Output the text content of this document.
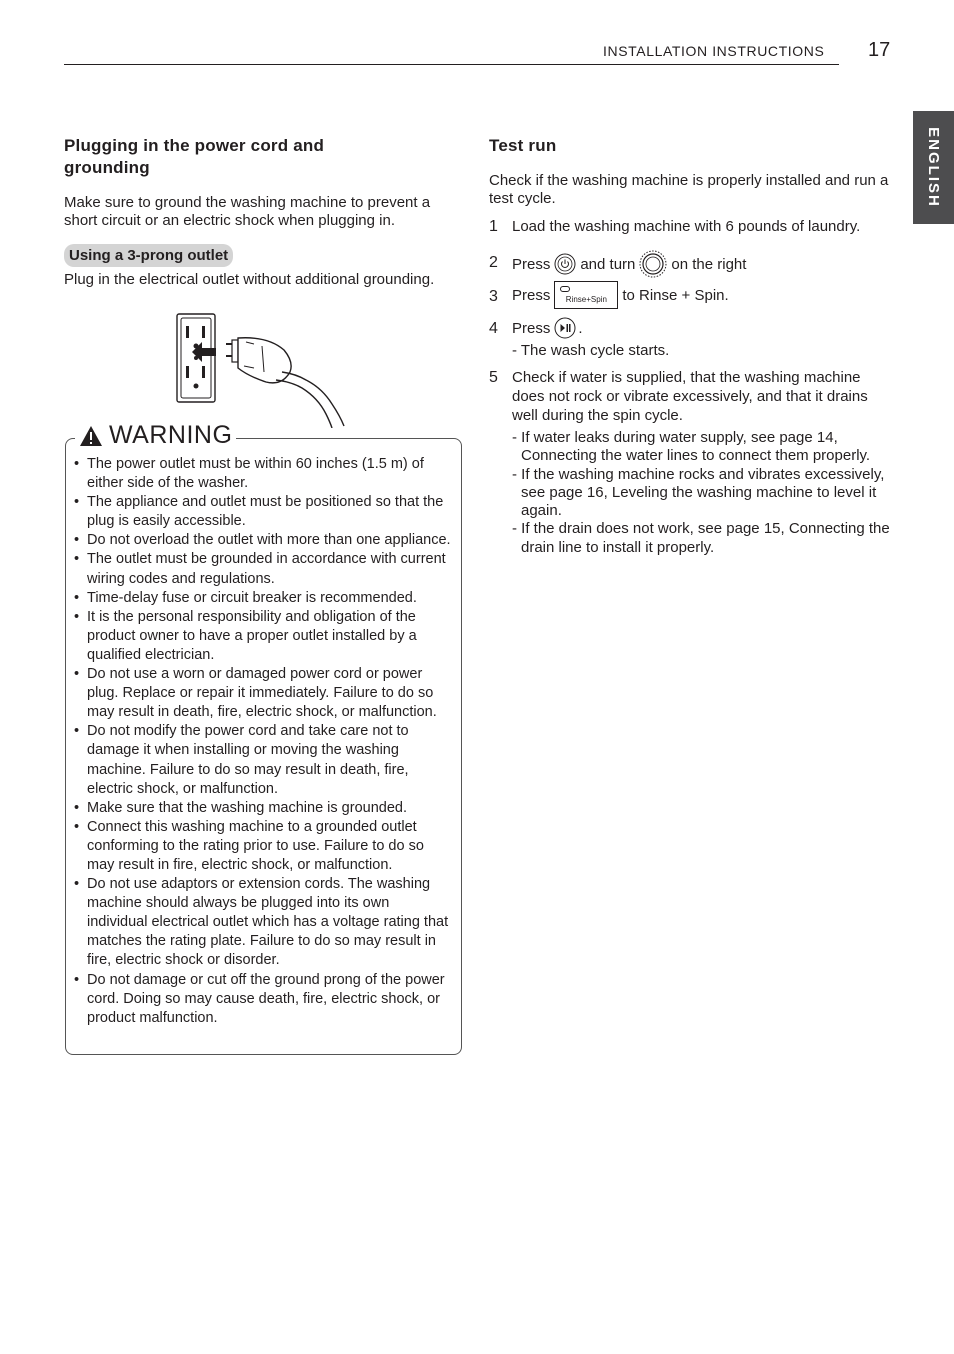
INSTALLATION INSTRUCTIONS 17
ENGLISH
Plugging in the power cord and grounding

Make sure to ground the washing machine to prevent a short circuit or an electric shock when plugging in.

Using a 3-prong outlet

Plug in the electrical outlet without additional grounding.

WARNING
• The power outlet must be within 60 inches (1.5 m) of either side of the washer.
• The appliance and outlet must be positioned so that the plug is easily accessible.
• Do not overload the outlet with more than one appliance.
• The outlet must be grounded in accordance with current wiring codes and regulations.
• Time-delay fuse or circuit breaker is recommended.
• It is the personal responsibility and obligation of the product owner to have a proper outlet installed by a qualified electrician.
• Do not use a worn or damaged power cord or power plug. Replace or repair it immediately. Failure to do so may result in death, fire, electric shock, or malfunction.
• Do not modify the power cord and take care not to damage it when installing or moving the washing machine. Failure to do so may result in death, fire, electric shock, or malfunction.
• Make sure that the washing machine is grounded.
• Connect this washing machine to a grounded outlet conforming to the rating prior to use. Failure to do so may result in fire, electric shock, or malfunction.
• Do not use adaptors or extension cords. The washing machine should always be plugged into its own individual electrical outlet which has a voltage rating that matches the rating plate. Failure to do so may result in fire, electric shock or disorder.
• Do not damage or cut off the ground prong of the power cord. Doing so may cause death, fire, electric shock, or product malfunction.
Test run

Check if the washing machine is properly installed and run a test cycle.

1 Load the washing machine with 6 pounds of laundry.
2 Press and turn on the right
3 Press Rinse+Spin to Rinse + Spin.
4 Press .
- The wash cycle starts.
5 Check if water is supplied, that the washing machine does not rock or vibrate excessively, and that it drains well during the spin cycle.
- If water leaks during water supply, see page 14, Connecting the water lines to connect them properly.
- If the washing machine rocks and vibrates excessively, see page 16, Leveling the washing machine to level it again.
- If the drain does not work, see page 15, Connecting the drain line to install it properly.
